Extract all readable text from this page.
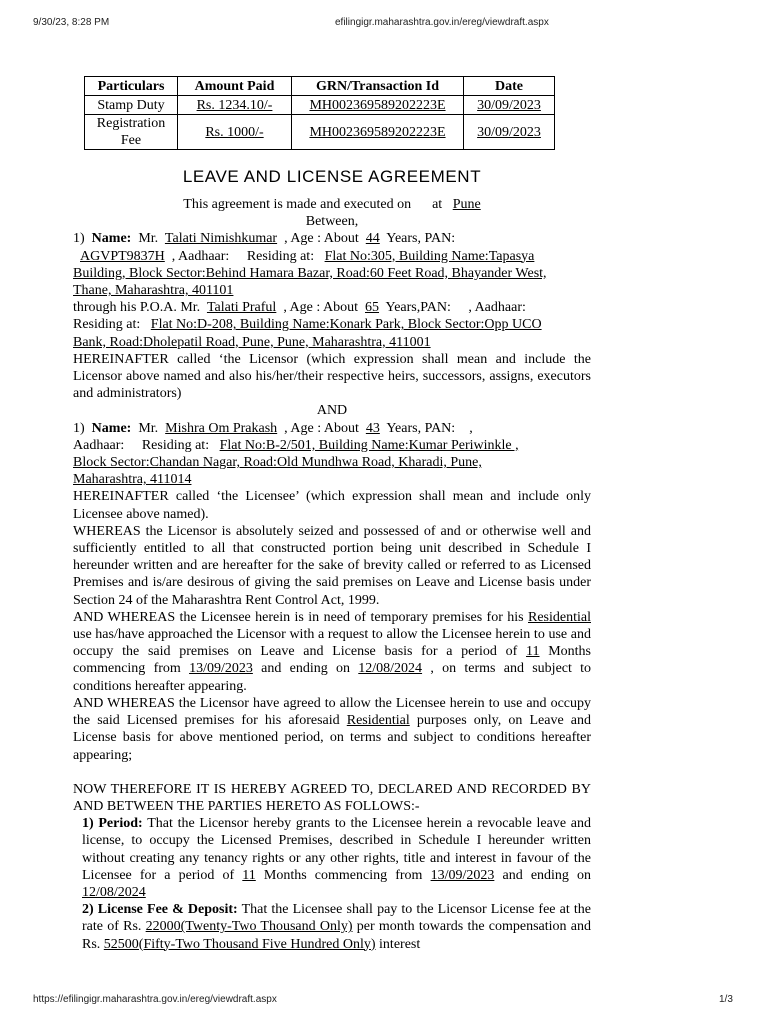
9/30/23, 8:28 PM	efilingigr.maharashtra.gov.in/ereg/viewdraft.aspx
Particulars	Amount Paid	GRN/Transaction Id	Date
Stamp Duty	Rs. 1234.10/-	MH002369589202223E	30/09/2023
Registration Fee	Rs. 1000/-	MH002369589202223E	30/09/2023
LEAVE AND LICENSE AGREEMENT
This agreement is made and executed on at Pune
Between,
1) Name: Mr. Talati Nimishkumar , Age : About 44 Years, PAN:
AGVPT9837H , Aadhaar: Residing at: Flat No:305, Building Name:Tapasya
Building, Block Sector:Behind Hamara Bazar, Road:60 Feet Road, Bhayander West,
Thane, Maharashtra, 401101
through his P.O.A. Mr. Talati Praful , Age : About 65 Years,PAN: , Aadhaar:
Residing at: Flat No:D-208, Building Name:Konark Park, Block Sector:Opp UCO
Bank, Road:Dholepatil Road, Pune, Pune, Maharashtra, 411001
HEREINAFTER called ‘the Licensor (which expression shall mean and include the Licensor above named and also his/her/their respective heirs, successors, assigns, executors and administrators)
AND
1) Name: Mr. Mishra Om Prakash , Age : About 43 Years, PAN: ,
Aadhaar: Residing at: Flat No:B-2/501, Building Name:Kumar Periwinkle ,
Block Sector:Chandan Nagar, Road:Old Mundhwa Road, Kharadi, Pune,
Maharashtra, 411014
HEREINAFTER called ‘the Licensee’ (which expression shall mean and include only Licensee above named).
WHEREAS the Licensor is absolutely seized and possessed of and or otherwise well and sufficiently entitled to all that constructed portion being unit described in Schedule I hereunder written and are hereafter for the sake of brevity called or referred to as Licensed Premises and is/are desirous of giving the said premises on Leave and License basis under Section 24 of the Maharashtra Rent Control Act, 1999.
AND WHEREAS the Licensee herein is in need of temporary premises for his Residential use has/have approached the Licensor with a request to allow the Licensee herein to use and occupy the said premises on Leave and License basis for a period of 11 Months commencing from 13/09/2023 and ending on 12/08/2024 , on terms and subject to conditions hereafter appearing.
AND WHEREAS the Licensor have agreed to allow the Licensee herein to use and occupy the said Licensed premises for his aforesaid Residential purposes only, on Leave and License basis for above mentioned period, on terms and subject to conditions hereafter appearing;
NOW THEREFORE IT IS HEREBY AGREED TO, DECLARED AND RECORDED BY AND BETWEEN THE PARTIES HERETO AS FOLLOWS:-
1) Period: That the Licensor hereby grants to the Licensee herein a revocable leave and license, to occupy the Licensed Premises, described in Schedule I hereunder written without creating any tenancy rights or any other rights, title and interest in favour of the Licensee for a period of 11 Months commencing from 13/09/2023 and ending on 12/08/2024
2) License Fee & Deposit: That the Licensee shall pay to the Licensor License fee at the rate of Rs. 22000(Twenty-Two Thousand Only) per month towards the compensation and Rs. 52500(Fifty-Two Thousand Five Hundred Only) interest
https://efilingigr.maharashtra.gov.in/ereg/viewdraft.aspx	1/3
